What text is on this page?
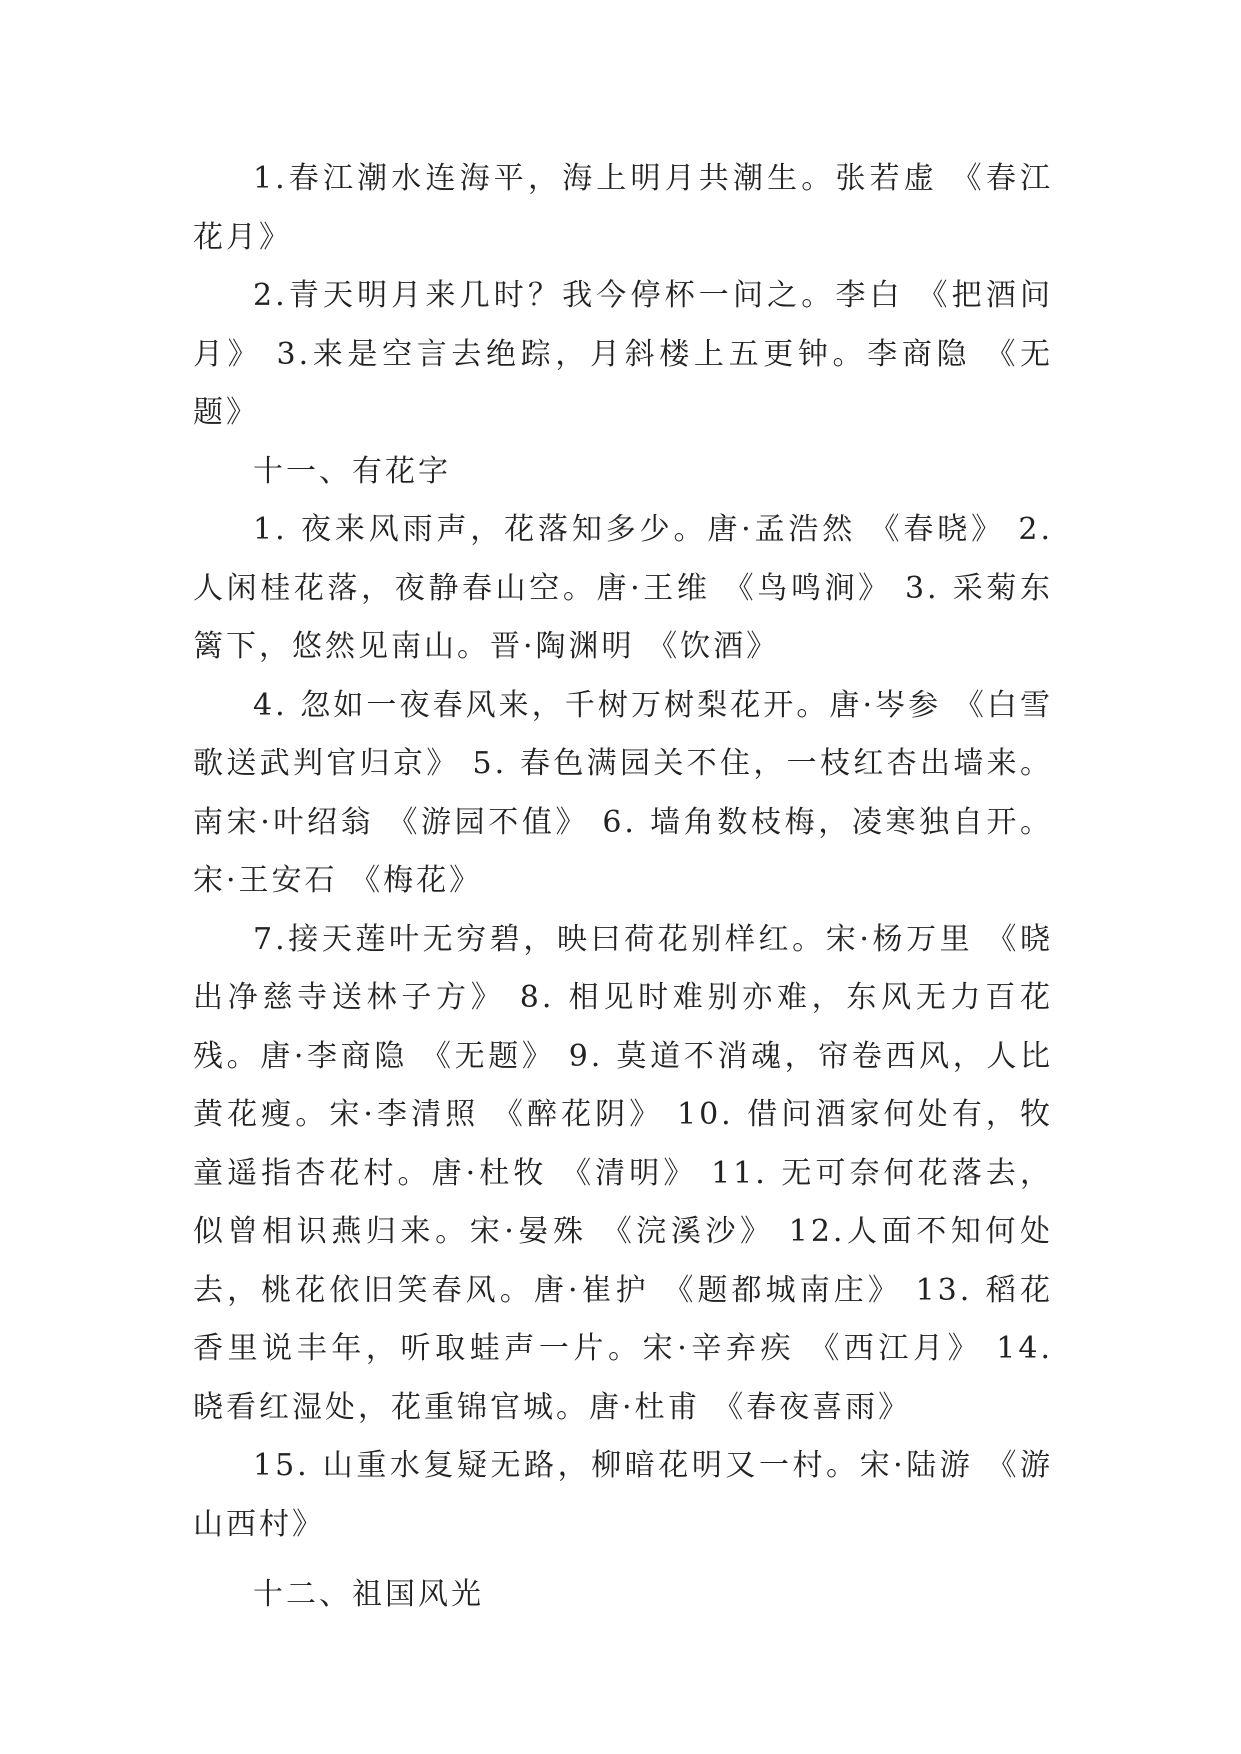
1.春江潮水连海平，海上明月共潮生。张若虚 《春江花月》

2.青天明月来几时？我今停杯一问之。李白 《把酒问月》 3.来是空言去绝踪，月斜楼上五更钟。李商隐 《无题》

十一、有花字

1. 夜来风雨声，花落知多少。唐·孟浩然 《春晓》 2. 人闲桂花落，夜静春山空。唐·王维 《鸟鸣涧》 3. 采菊东篱下，悠然见南山。晋·陶渊明 《饮酒》

4. 忽如一夜春风来，千树万树梨花开。唐·岑参 《白雪歌送武判官归京》 5. 春色满园关不住，一枝红杏出墙来。南宋·叶绍翁 《游园不值》 6. 墙角数枝梅，凌寒独自开。宋·王安石 《梅花》

7.接天莲叶无穷碧，映曰荷花别样红。宋·杨万里 《晓出净慈寺送林子方》 8. 相见时难别亦难，东风无力百花残。唐·李商隐 《无题》 9. 莫道不消魂，帘卷西风，人比黄花瘦。宋·李清照 《醉花阴》 10. 借问酒家何处有，牧童遥指杏花村。唐·杜牧 《清明》 11. 无可奈何花落去，似曾相识燕归来。宋·晏殊 《浣溪沙》 12.人面不知何处去，桃花依旧笑春风。唐·崔护 《题都城南庄》 13. 稻花香里说丰年，听取蛙声一片。宋·辛弃疾 《西江月》 14. 晓看红湿处，花重锦官城。唐·杜甫 《春夜喜雨》

15. 山重水复疑无路，柳暗花明又一村。宋·陆游 《游山西村》

十二、祖国风光
